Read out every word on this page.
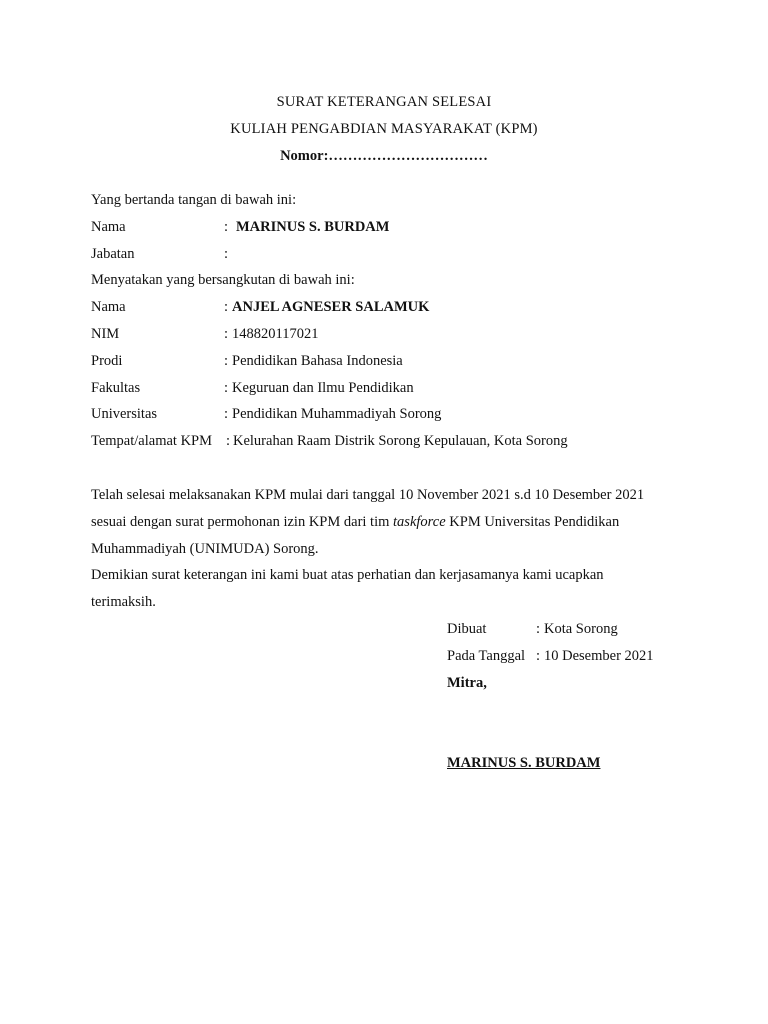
SURAT KETERANGAN SELESAI
KULIAH PENGABDIAN MASYARAKAT (KPM)
Nomor:……………………………
Yang bertanda tangan di bawah ini:
Nama	: MARINUS S. BURDAM
Jabatan	:
Menyatakan yang bersangkutan di bawah ini:
Nama	: ANJEL AGNESER SALAMUK
NIM	: 148820117021
Prodi	: Pendidikan Bahasa Indonesia
Fakultas	: Keguruan dan Ilmu Pendidikan
Universitas	: Pendidikan Muhammadiyah Sorong
Tempat/alamat KPM : Kelurahan Raam Distrik Sorong Kepulauan, Kota Sorong
Telah selesai melaksanakan KPM mulai dari tanggal 10 November 2021 s.d 10 Desember 2021
sesuai dengan surat permohonan izin KPM dari tim taskforce KPM Universitas Pendidikan
Muhammadiyah (UNIMUDA) Sorong.
Demikian surat keterangan ini kami buat atas perhatian dan kerjasamanya kami ucapkan
terimaksih.
Dibuat	: Kota Sorong
Pada Tanggal : 10 Desember 2021
Mitra,
MARINUS S. BURDAM
